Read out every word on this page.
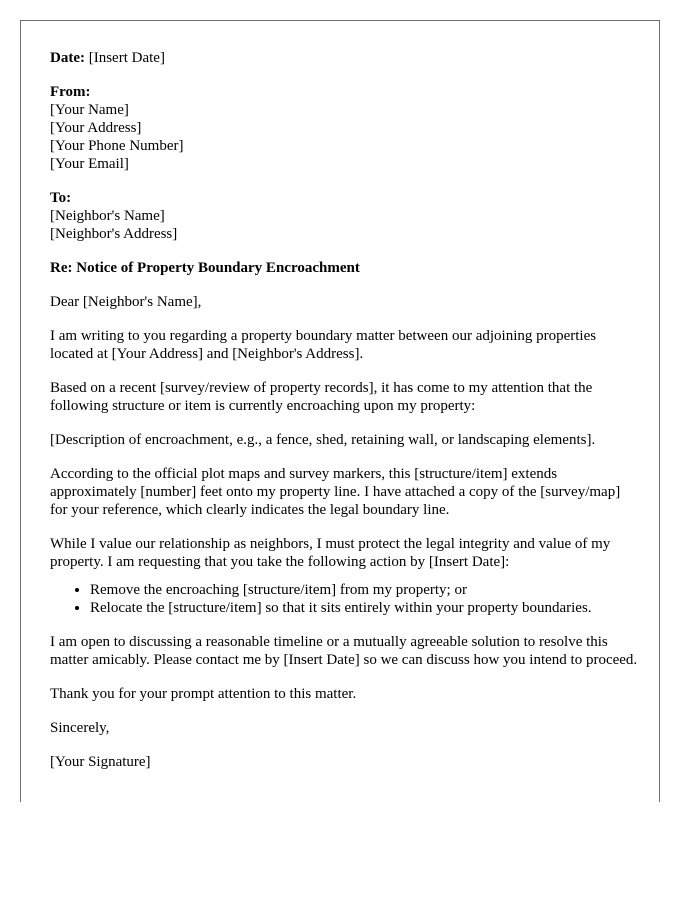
Date: [Insert Date]

From:
[Your Name]
[Your Address]
[Your Phone Number]
[Your Email]

To:
[Neighbor's Name]
[Neighbor's Address]

Re: Notice of Property Boundary Encroachment

Dear [Neighbor's Name],

I am writing to you regarding a property boundary matter between our adjoining properties located at [Your Address] and [Neighbor's Address].

Based on a recent [survey/review of property records], it has come to my attention that the following structure or item is currently encroaching upon my property:

[Description of encroachment, e.g., a fence, shed, retaining wall, or landscaping elements].

According to the official plot maps and survey markers, this [structure/item] extends approximately [number] feet onto my property line. I have attached a copy of the [survey/map] for your reference, which clearly indicates the legal boundary line.

While I value our relationship as neighbors, I must protect the legal integrity and value of my property. I am requesting that you take the following action by [Insert Date]:

• Remove the encroaching [structure/item] from my property; or
• Relocate the [structure/item] so that it sits entirely within your property boundaries.

I am open to discussing a reasonable timeline or a mutually agreeable solution to resolve this matter amicably. Please contact me by [Insert Date] so we can discuss how you intend to proceed.

Thank you for your prompt attention to this matter.

Sincerely,

[Your Signature]
